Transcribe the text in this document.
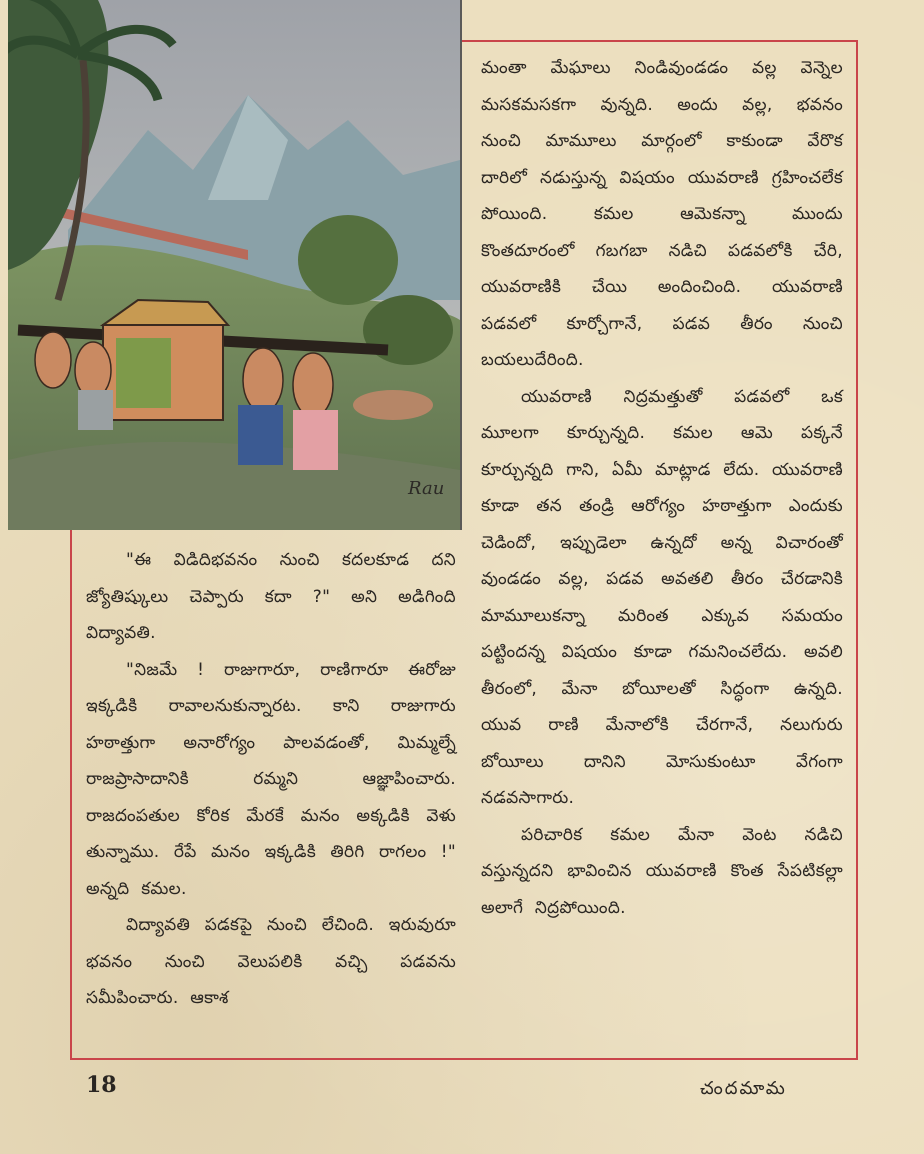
Rau

మంతా మేఘాలు నిండివుండడం వల్ల వెన్నెల మసకమసకగా వున్నది. అందు వల్ల, భవనం నుంచి మామూలు మార్గంలో కాకుండా వేరొక దారిలో నడుస్తున్న విషయం యువరాణి గ్రహించలేక పోయింది. కమల ఆమెకన్నా ముందు కొంతదూరంలో గబగబా నడిచి పడవలోకి చేరి, యువరాణికి చేయి అందించింది. యువరాణి పడవలో కూర్చోగానే, పడవ తీరం నుంచి బయలుదేరింది.

యువరాణి నిద్రమత్తుతో పడవలో ఒక మూలగా కూర్చున్నది. కమల ఆమె పక్కనే కూర్చున్నది గాని, ఏమీ మాట్లాడ లేదు. యువరాణి కూడా తన తండ్రి ఆరోగ్యం హఠాత్తుగా ఎందుకు చెడిందో, ఇప్పుడెలా ఉన్నదో అన్న విచారంతో వుండడం వల్ల, పడవ అవతలి తీరం చేరడానికి మామూలుకన్నా మరింత ఎక్కువ సమయం పట్టిందన్న విషయం కూడా గమనించలేదు. అవలి తీరంలో, మేనా బోయీలతో సిద్ధంగా ఉన్నది. యువ రాణి మేనాలోకి చేరగానే, నలుగురు బోయీలు దానిని మోసుకుంటూ వేగంగా నడవసాగారు.

పరిచారిక కమల మేనా వెంట నడిచి వస్తున్నదని భావించిన యువరాణి కొంత సేపటికల్లా అలాగే నిద్రపోయింది.

"ఈ విడిదిభవనం నుంచి కదలకూడ దని జ్యోతిష్కులు చెప్పారు కదా ?" అని అడిగింది విద్యావతి.

"నిజమే ! రాజుగారూ, రాణిగారూ ఈరోజు ఇక్కడికి రావాలనుకున్నారట. కాని రాజుగారు హఠాత్తుగా అనారోగ్యం పాలవడంతో, మిమ్మల్నే రాజప్రాసాదానికి రమ్మని ఆజ్ఞాపించారు. రాజదంపతుల కోరిక మేరకే మనం అక్కడికి వెళు తున్నాము. రేపే మనం ఇక్కడికి తిరిగి రాగలం !" అన్నది కమల.

విద్యావతి పడకపై నుంచి లేచింది. ఇరువురూ భవనం నుంచి వెలుపలికి వచ్చి పడవను సమీపించారు. ఆకాశ

18	చందమామ
